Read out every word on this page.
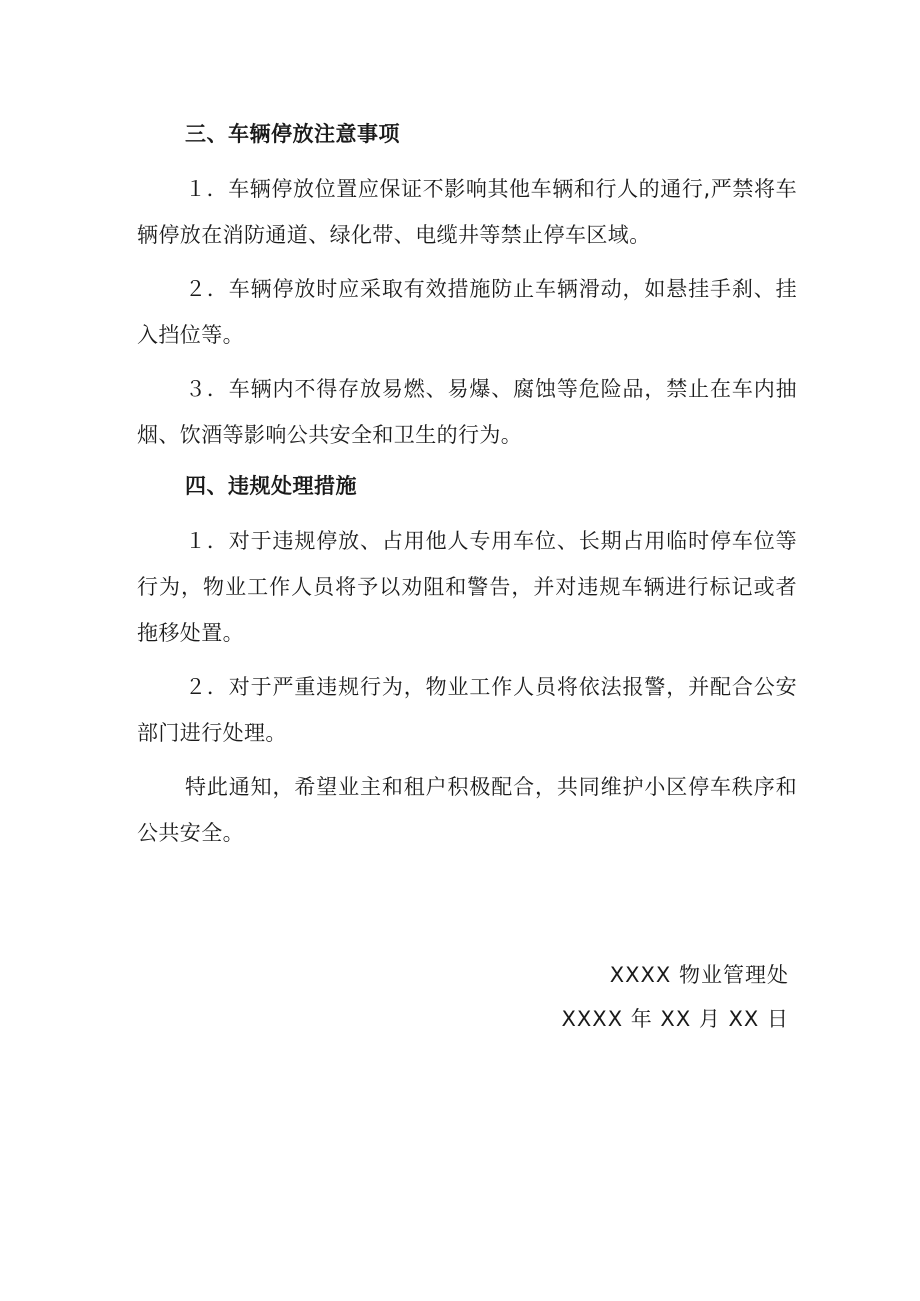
三、车辆停放注意事项

１．车辆停放位置应保证不影响其他车辆和行人的通行,严禁将车辆停放在消防通道、绿化带、电缆井等禁止停车区域。

２．车辆停放时应采取有效措施防止车辆滑动，如悬挂手刹、挂入挡位等。

３．车辆内不得存放易燃、易爆、腐蚀等危险品，禁止在车内抽烟、饮酒等影响公共安全和卫生的行为。

四、违规处理措施

１．对于违规停放、占用他人专用车位、长期占用临时停车位等行为，物业工作人员将予以劝阻和警告，并对违规车辆进行标记或者拖移处置。

２．对于严重违规行为，物业工作人员将依法报警，并配合公安部门进行处理。

特此通知，希望业主和租户积极配合，共同维护小区停车秩序和公共安全。

XXXX 物业管理处
XXXX 年 XX 月 XX 日
